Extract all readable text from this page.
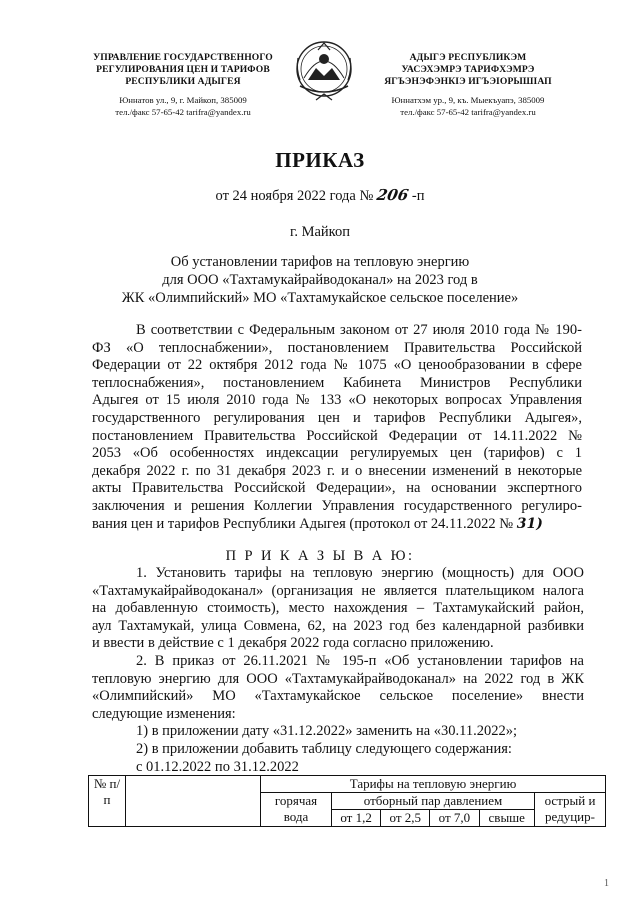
УПРАВЛЕНИЕ ГОСУДАРСТВЕННОГО
РЕГУЛИРОВАНИЯ ЦЕН И ТАРИФОВ
РЕСПУБЛИКИ АДЫГЕЯ
Юннатов ул., 9, г. Майкоп, 385009
тел./факс 57-65-42 tarifra@yandex.ru
АДЫГЭ РЕСПУБЛИКЭМ
УАСЭХЭМРЭ ТАРИФХЭМРЭ
ЯГЪЭНЭФЭНКІЭ ИГЪЭІОРЫШІАП
Юннатхэм ур., 9, къ. Мыекъуапэ, 385009
тел./факс 57-65-42 tarifra@yandex.ru
ПРИКАЗ
от 24 ноября 2022 года № 206 -п
г. Майкоп
Об установлении тарифов на тепловую энергию
для ООО «Тахтамукайрайводоканал» на 2023 год в
ЖК «Олимпийский» МО «Тахтамукайское сельское поселение»
В соответствии с Федеральным законом от 27 июля 2010 года № 190-
ФЗ «О теплоснабжении», постановлением Правительства Российской
Федерации от 22 октября 2012 года № 1075 «О ценообразовании в сфере
теплоснабжения», постановлением Кабинета Министров Республики
Адыгея от 15 июля 2010 года № 133 «О некоторых вопросах Управления
государственного регулирования цен и тарифов Республики Адыгея»,
постановлением Правительства Российской Федерации от 14.11.2022 №
2053 «Об особенностях индексации регулируемых цен (тарифов) с 1
декабря 2022 г. по 31 декабря 2023 г. и о внесении изменений в некоторые
акты Правительства Российской Федерации», на основании экспертного
заключения и решения Коллегии Управления государственного регулиро-
вания цен и тарифов Республики Адыгея (протокол от 24.11.2022 № 31)
П Р И К А З Ы В А Ю:
1. Установить тарифы на тепловую энергию (мощность) для ООО
«Тахтамукайрайводоканал» (организация не является плательщиком налога
на добавленную стоимость), место нахождения – Тахтамукайский район,
аул Тахтамукай, улица Совмена, 62, на 2023 год без календарной разбивки
и ввести в действие с 1 декабря 2022 года согласно приложению.
2. В приказ от 26.11.2021 № 195-п «Об установлении тарифов на
тепловую энергию для ООО «Тахтамукайрайводоканал» на 2022 год в ЖК
«Олимпийский» МО «Тахтамукайское сельское поселение» внести
следующие изменения:
1) в приложении дату «31.12.2022» заменить на «30.11.2022»;
2) в приложении добавить таблицу следующего содержания:
с 01.12.2022 по 31.12.2022
№ п/п		Тарифы на тепловую энергию					
		горячая вода	отборный пар давлением				острый и редуцир-
			от 1,2	от 2,5	от 7,0	свыше	
1
